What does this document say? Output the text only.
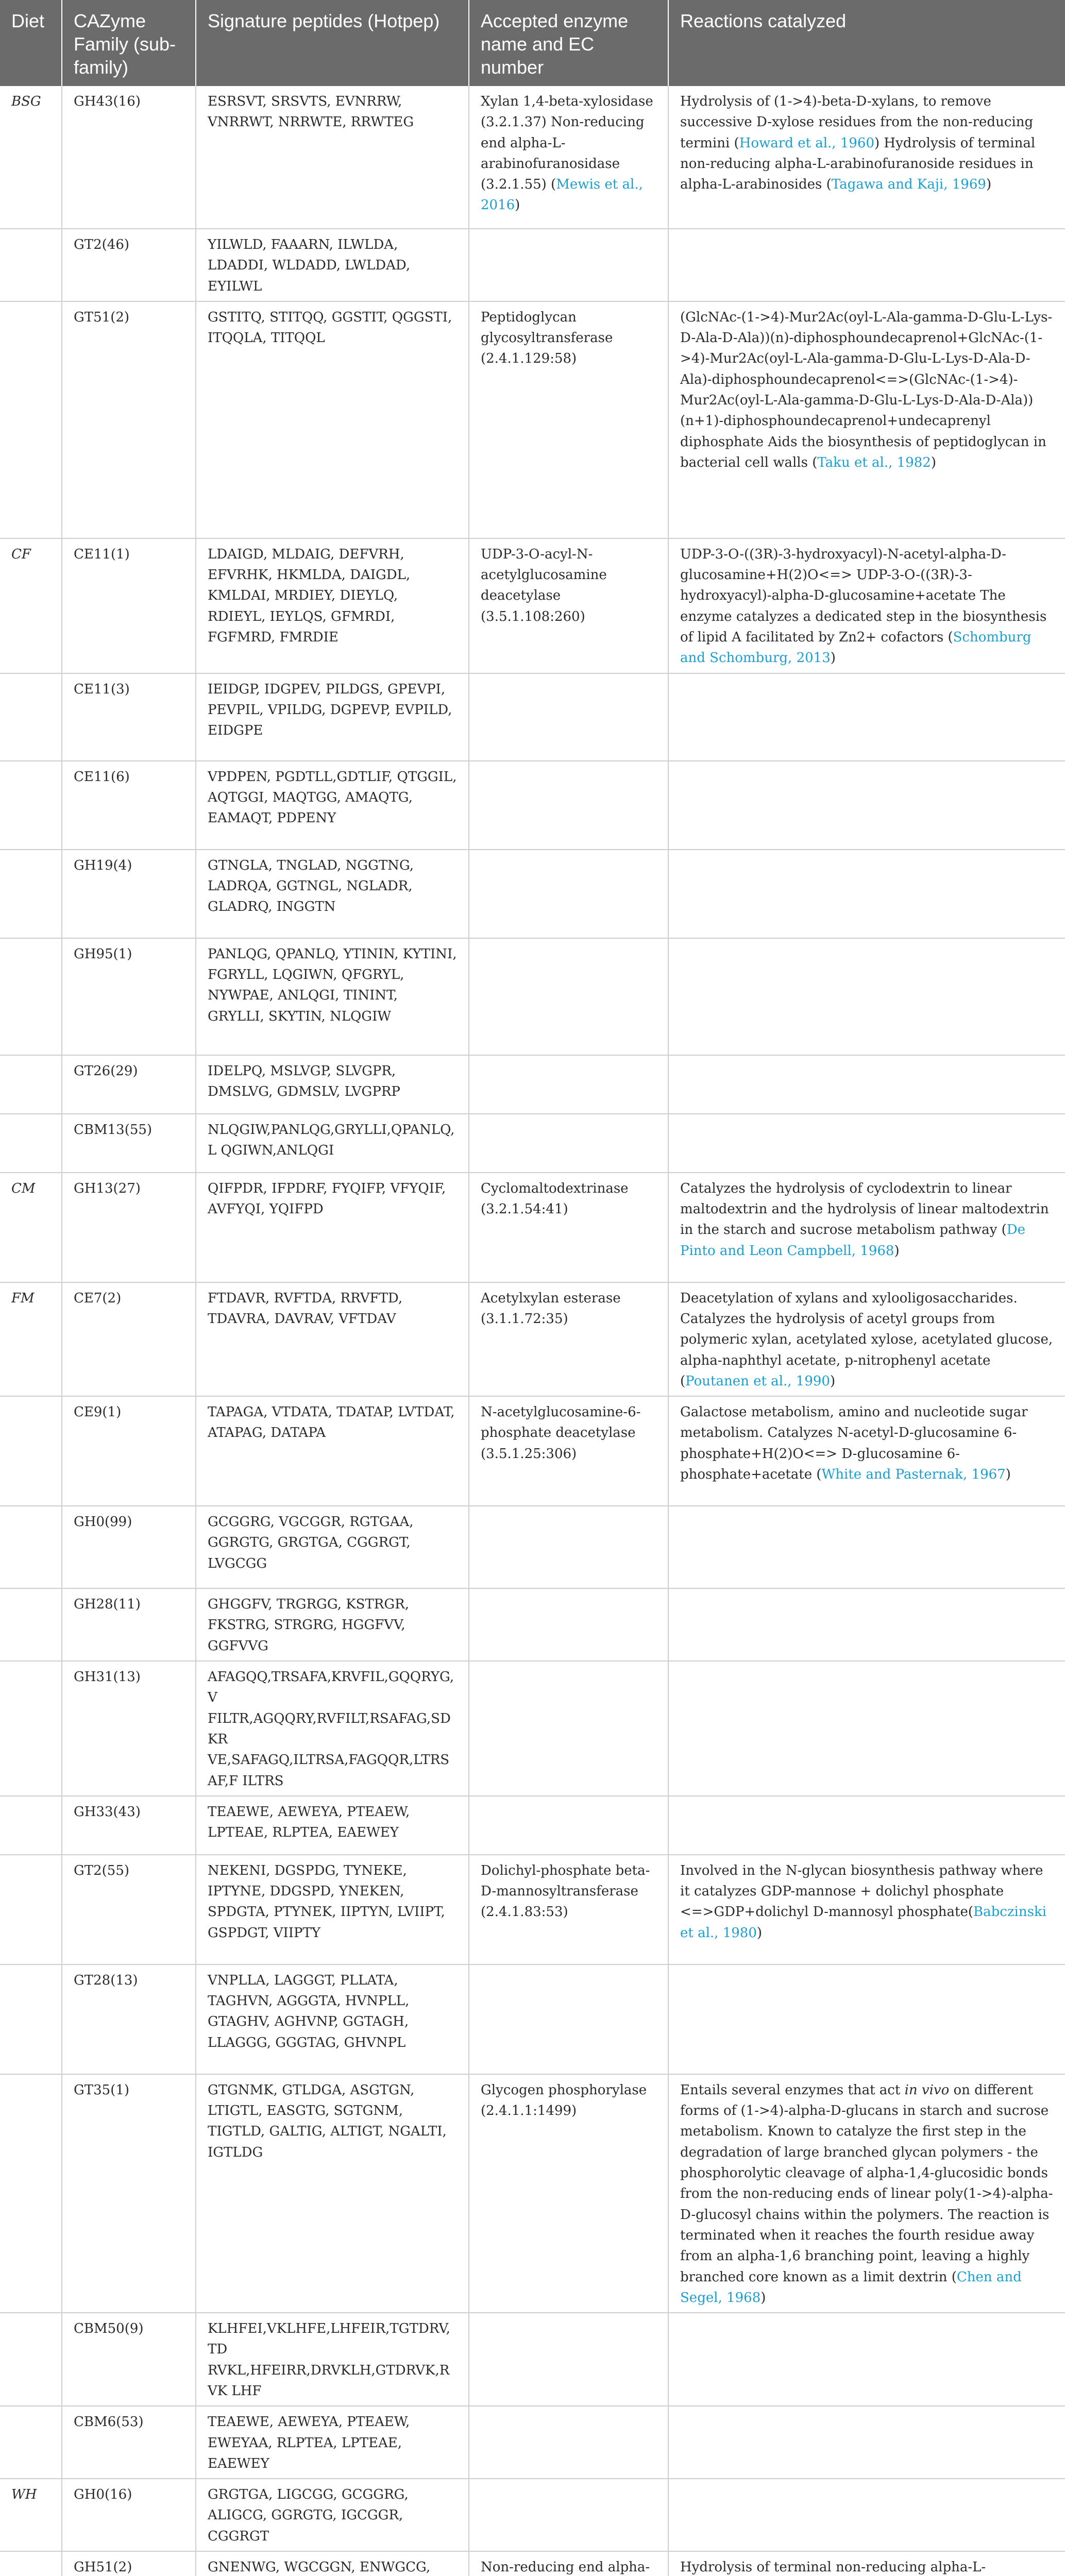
Diet	CAZyme Family (sub-family)	Signature peptides (Hotpep)	Accepted enzyme name and EC number	Reactions catalyzed
BSG	GH43(16)	ESRSVT, SRSVTS, EVNRRW, VNRRWT, NRRWTE, RRWTEG	Xylan 1,4-beta-xylosidase (3.2.1.37) Non-reducing end alpha-L-arabinofuranosidase (3.2.1.55) (Mewis et al., 2016)	Hydrolysis of (1->4)-beta-D-xylans, to remove successive D-xylose residues from the non-reducing termini (Howard et al., 1960) Hydrolysis of terminal non-reducing alpha-L-arabinofuranoside residues in alpha-L-arabinosides (Tagawa and Kaji, 1969)
	GT2(46)	YILWLD, FAAARN, ILWLDA, LDADDI, WLDADD, LWLDAD, EYILWL		
	GT51(2)	GSTITQ, STITQQ, GGSTIT, QGGSTI, ITQQLA, TITQQL	Peptidoglycan glycosyltransferase (2.4.1.129:58)	(GlcNAc-(1->4)-Mur2Ac(oyl-L-Ala-gamma-D-Glu-L-Lys-D-Ala-D-Ala))(n)-diphosphoundecaprenol+GlcNAc-(1->4)-Mur2Ac(oyl-L-Ala-gamma-D-Glu-L-Lys-D-Ala-D-Ala)-diphosphoundecaprenol<=>(GlcNAc-(1->4)-Mur2Ac(oyl-L-Ala-gamma-D-Glu-L-Lys-D-Ala-D-Ala))(n+1)-diphosphoundecaprenol+undecaprenyl diphosphate Aids the biosynthesis of peptidoglycan in bacterial cell walls (Taku et al., 1982)
CF	CE11(1)	LDAIGD, MLDAIG, DEFVRH, EFVRHK, HKMLDA, DAIGDL, KMLDAI, MRDIEY, DIEYLQ, RDIEYL, IEYLQS, GFMRDI, FGFMRD, FMRDIE	UDP-3-O-acyl-N-acetylglucosamine deacetylase (3.5.1.108:260)	UDP-3-O-((3R)-3-hydroxyacyl)-N-acetyl-alpha-D-glucosamine+H(2)O<=> UDP-3-O-((3R)-3-hydroxyacyl)-alpha-D-glucosamine+acetate The enzyme catalyzes a dedicated step in the biosynthesis of lipid A facilitated by Zn2+ cofactors (Schomburg and Schomburg, 2013)
	CE11(3)	IEIDGP, IDGPEV, PILDGS, GPEVPI, PEVPIL, VPILDG, DGPEVP, EVPILD, EIDGPE		
	CE11(6)	VPDPEN, PGDTLL,GDTLIF, QTGGIL, AQTGGI, MAQTGG, AMAQTG, EAMAQT, PDPENY		
	GH19(4)	GTNGLA, TNGLAD, NGGTNG, LADRQA, GGTNGL, NGLADR, GLADRQ, INGGTN		
	GH95(1)	PANLQG, QPANLQ, YTININ, KYTINI, FGRYLL, LQGIWN, QFGRYL, NYWPAE, ANLQGI, TININT, GRYLLI, SKYTIN, NLQGIW		
	GT26(29)	IDELPQ, MSLVGP, SLVGPR, DMSLVG, GDMSLV, LVGPRP		
	CBM13(55)	NLQGIW,PANLQG,GRYLLI,QPANLQ,L QGIWN,ANLQGI		
CM	GH13(27)	QIFPDR, IFPDRF, FYQIFP, VFYQIF, AVFYQI, YQIFPD	Cyclomaltodextrinase (3.2.1.54:41)	Catalyzes the hydrolysis of cyclodextrin to linear maltodextrin and the hydrolysis of linear maltodextrin in the starch and sucrose metabolism pathway (De Pinto and Leon Campbell, 1968)
FM	CE7(2)	FTDAVR, RVFTDA, RRVFTD, TDAVRA, DAVRAV, VFTDAV	Acetylxylan esterase (3.1.1.72:35)	Deacetylation of xylans and xylooligosaccharides. Catalyzes the hydrolysis of acetyl groups from polymeric xylan, acetylated xylose, acetylated glucose, alpha-naphthyl acetate, p-nitrophenyl acetate (Poutanen et al., 1990)
	CE9(1)	TAPAGA, VTDATA, TDATAP, LVTDAT, ATAPAG, DATAPA	N-acetylglucosamine-6-phosphate deacetylase (3.5.1.25:306)	Galactose metabolism, amino and nucleotide sugar metabolism. Catalyzes N-acetyl-D-glucosamine 6-phosphate+H(2)O<=> D-glucosamine 6-phosphate+acetate (White and Pasternak, 1967)
	GH0(99)	GCGGRG, VGCGGR, RGTGAA, GGRGTG, GRGTGA, CGGRGT, LVGCGG		
	GH28(11)	GHGGFV, TRGRGG, KSTRGR, FKSTRG, STRGRG, HGGFVV, GGFVVG		
	GH31(13)	AFAGQQ,TRSAFA,KRVFIL,GQQRYG,V FILTR,AGQQRY,RVFILT,RSAFAG,SDKR VE,SAFAGQ,ILTRSA,FAGQQR,LTRSAF,F ILTRS		
	GH33(43)	TEAEWE, AEWEYA, PTEAEW, LPTEAE, RLPTEA, EAEWEY		
	GT2(55)	NEKENI, DGSPDG, TYNEKE, IPTYNE, DDGSPD, YNEKEN, SPDGTA, PTYNEK, IIPTYN, LVIIPT, GSPDGT, VIIPTY	Dolichyl-phosphate beta-D-mannosyltransferase (2.4.1.83:53)	Involved in the N-glycan biosynthesis pathway where it catalyzes GDP-mannose + dolichyl phosphate <=>GDP+dolichyl D-mannosyl phosphate(Babczinski et al., 1980)
	GT28(13)	VNPLLA, LAGGGT, PLLATA, TAGHVN, AGGGTA, HVNPLL, GTAGHV, AGHVNP, GGTAGH, LLAGGG, GGGTAG, GHVNPL		
	GT35(1)	GTGNMK, GTLDGA, ASGTGN, LTIGTL, EASGTG, SGTGNM, TIGTLD, GALTIG, ALTIGT, NGALTI, IGTLDG	Glycogen phosphorylase (2.4.1.1:1499)	Entails several enzymes that act in vivo on different forms of (1->4)-alpha-D-glucans in starch and sucrose metabolism. Known to catalyze the first step in the degradation of large branched glycan polymers - the phosphorolytic cleavage of alpha-1,4-glucosidic bonds from the non-reducing ends of linear poly(1->4)-alpha-D-glucosyl chains within the polymers. The reaction is terminated when it reaches the fourth residue away from an alpha-1,6 branching point, leaving a highly branched core known as a limit dextrin (Chen and Segel, 1968)
	CBM50(9)	KLHFEI,VKLHFE,LHFEIR,TGTDRV,TD RVKL,HFEIRR,DRVKLH,GTDRVK,RVK LHF		
	CBM6(53)	TEAEWE, AEWEYA, PTEAEW, EWEYAA, RLPTEA, LPTEAE, EAEWEY		
WH	GH0(16)	GRGTGA, LIGCGG, GCGGRG, ALIGCG, GGRGTG, IGCGGR, CGGRGT		
	GH51(2)	GNENWG, WGCGGN, ENWGCG,	Non-reducing end alpha-	Hydrolysis of terminal non-reducing alpha-L-
